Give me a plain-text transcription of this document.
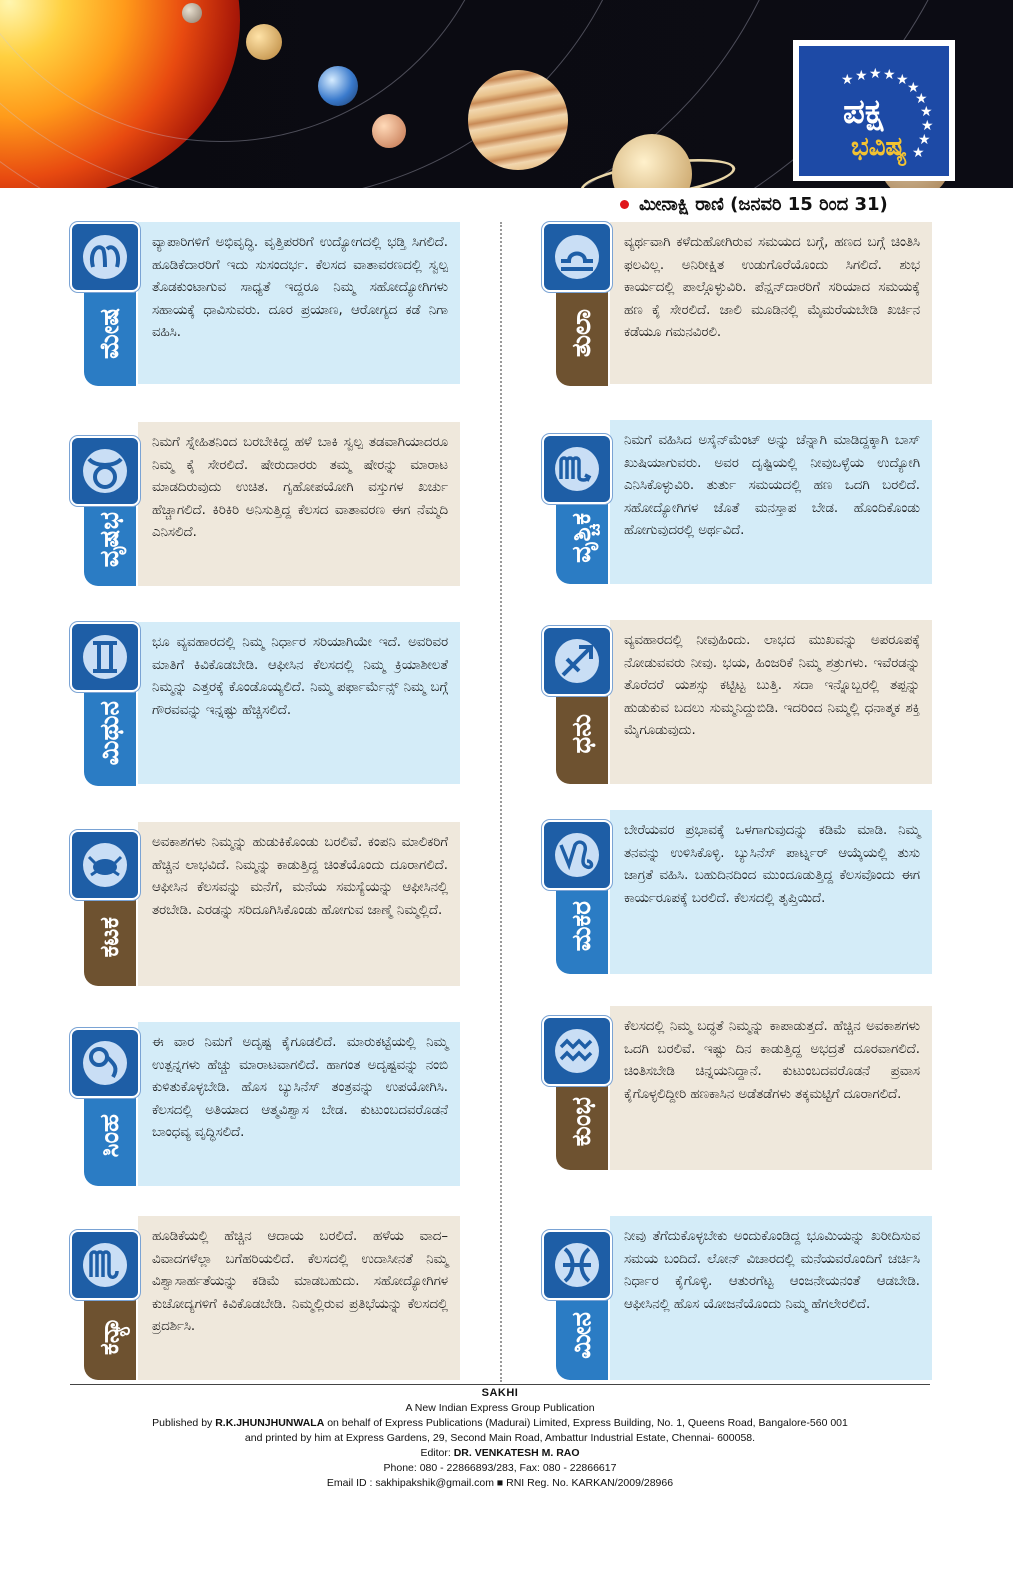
★ ★ ★ ★ ★
★
★
★
★
★
★
ಪಕ್ಷ
ಭವಿಷ್ಯ
ಮೀನಾಕ್ಷಿ ರಾಣಿ (ಜನವರಿ 15 ರಿಂದ 31)
ಮೇಷ
ವ್ಯಾಪಾರಿಗಳಿಗೆ ಅಭಿವೃದ್ಧಿ. ವೃತ್ತಿಪರರಿಗೆ ಉದ್ಯೋಗದಲ್ಲಿ ಭಡ್ತಿ ಸಿಗಲಿದೆ. ಹೂಡಿಕೆದಾರರಿಗೆ ಇದು ಸುಸಂದರ್ಭ. ಕೆಲಸದ ವಾತಾವರಣದಲ್ಲಿ ಸ್ವಲ್ಪ ತೊಡಕುಂಟಾಗುವ ಸಾಧ್ಯತೆ ಇದ್ದರೂ ನಿಮ್ಮ ಸಹೋದ್ಯೋಗಿಗಳು ಸಹಾಯಕ್ಕೆ ಧಾವಿಸುವರು. ದೂರ ಪ್ರಯಾಣ, ಆರೋಗ್ಯದ ಕಡೆ ನಿಗಾ ವಹಿಸಿ.
ವೃಷಭ
ನಿಮಗೆ ಸ್ನೇಹಿತನಿಂದ ಬರಬೇಕಿದ್ದ ಹಳೆ ಬಾಕಿ ಸ್ವಲ್ಪ ತಡವಾಗಿಯಾದರೂ ನಿಮ್ಮ ಕೈ ಸೇರಲಿದೆ. ಷೇರುದಾರರು ತಮ್ಮ ಷೇರನ್ನು ಮಾರಾಟ ಮಾಡದಿರುವುದು ಉಚಿತ. ಗೃಹೋಪಯೋಗಿ ವಸ್ತುಗಳ ಖರ್ಚು ಹೆಚ್ಚಾಗಲಿದೆ. ಕಿರಿಕಿರಿ ಅನಿಸುತ್ತಿದ್ದ ಕೆಲಸದ ವಾತಾವರಣ ಈಗ ನೆಮ್ಮದಿ ಎನಿಸಲಿದೆ.
ಮಿಥುನ
ಭೂ ವ್ಯವಹಾರದಲ್ಲಿ ನಿಮ್ಮ ನಿರ್ಧಾರ ಸರಿಯಾಗಿಯೇ ಇದೆ. ಅವರಿವರ ಮಾತಿಗೆ ಕಿವಿಕೊಡಬೇಡಿ. ಆಫೀಸಿನ ಕೆಲಸದಲ್ಲಿ ನಿಮ್ಮ ಕ್ರಿಯಾಶೀಲತೆ ನಿಮ್ಮನ್ನು ಎತ್ತರಕ್ಕೆ ಕೊಂಡೊಯ್ಯಲಿದೆ. ನಿಮ್ಮ ಪರ್ಫಾರ್ಮೆನ್ಸ್ ನಿಮ್ಮ ಬಗ್ಗೆ ಗೌರವವನ್ನು ಇನ್ನಷ್ಟು ಹೆಚ್ಚಿಸಲಿದೆ.
ಕಟಕ
ಅವಕಾಶಗಳು ನಿಮ್ಮನ್ನು ಹುಡುಕಿಕೊಂಡು ಬರಲಿವೆ. ಕಂಪನಿ ಮಾಲಿಕರಿಗೆ ಹೆಚ್ಚಿನ ಲಾಭವಿದೆ. ನಿಮ್ಮನ್ನು ಕಾಡುತ್ತಿದ್ದ ಚಿಂತೆಯೊಂದು ದೂರಾಗಲಿದೆ. ಆಫೀಸಿನ ಕೆಲಸವನ್ನು ಮನೆಗೆ, ಮನೆಯ ಸಮಸ್ಯೆಯನ್ನು ಆಫೀಸಿನಲ್ಲಿ ತರಬೇಡಿ. ಎರಡನ್ನು ಸರಿದೂಗಿಸಿಕೊಂಡು ಹೋಗುವ ಜಾಣ್ಮೆ ನಿಮ್ಮಲ್ಲಿದೆ.
ಸಿಂಹ
ಈ ವಾರ ನಿಮಗೆ ಅದೃಷ್ಟ ಕೈಗೂಡಲಿದೆ. ಮಾರುಕಟ್ಟೆಯಲ್ಲಿ ನಿಮ್ಮ ಉತ್ಪನ್ನಗಳು ಹೆಚ್ಚು ಮಾರಾಟವಾಗಲಿದೆ. ಹಾಗಂತ ಅದೃಷ್ಟವನ್ನು ನಂಬಿ ಕುಳಿತುಕೊಳ್ಳಬೇಡಿ. ಹೊಸ ಬ್ಯುಸಿನೆಸ್ ತಂತ್ರವನ್ನು ಉಪಯೋಗಿಸಿ. ಕೆಲಸದಲ್ಲಿ ಅತಿಯಾದ ಆತ್ಮವಿಶ್ವಾಸ ಬೇಡ. ಕುಟುಂಬದವರೊಡನೆ ಬಾಂಧವ್ಯ ವೃದ್ಧಿಸಲಿದೆ.
ಕನ್ಯಾ
ಹೂಡಿಕೆಯಲ್ಲಿ ಹೆಚ್ಚಿನ ಆದಾಯ ಬರಲಿದೆ. ಹಳೆಯ ವಾದ–ವಿವಾದಗಳೆಲ್ಲಾ ಬಗೆಹರಿಯಲಿದೆ. ಕೆಲಸದಲ್ಲಿ ಉದಾಸೀನತೆ ನಿಮ್ಮ ವಿಶ್ವಾಸಾರ್ಹತೆಯನ್ನು ಕಡಿಮೆ ಮಾಡಬಹುದು. ಸಹೋದ್ಯೋಗಿಗಳ ಕುಚೋದ್ಯಗಳಿಗೆ ಕಿವಿಕೊಡಬೇಡಿ. ನಿಮ್ಮಲ್ಲಿರುವ ಪ್ರತಿಭೆಯನ್ನು ಕೆಲಸದಲ್ಲಿ ಪ್ರದರ್ಶಿಸಿ.
ತುಲಾ
ವ್ಯರ್ಥವಾಗಿ ಕಳೆದುಹೋಗಿರುವ ಸಮಯದ ಬಗ್ಗೆ, ಹಣದ ಬಗ್ಗೆ ಚಿಂತಿಸಿ ಫಲವಿಲ್ಲ. ಅನಿರೀಕ್ಷಿತ ಉಡುಗೊರೆಯೊಂದು ಸಿಗಲಿದೆ. ಶುಭ ಕಾರ್ಯದಲ್ಲಿ ಪಾಲ್ಗೊಳ್ಳುವಿರಿ. ಪೆನ್ಷನ್‌ದಾರರಿಗೆ ಸರಿಯಾದ ಸಮಯಕ್ಕೆ ಹಣ ಕೈ ಸೇರಲಿದೆ. ಜಾಲಿ ಮೂಡಿನಲ್ಲಿ ಮೈಮರೆಯಬೇಡಿ ಖರ್ಚಿನ ಕಡೆಯೂ ಗಮನವಿರಲಿ.
ವೃಶ್ಚಿಕ
ನಿಮಗೆ ವಹಿಸಿದ ಅಸೈನ್‌ಮೆಂಟ್ ಅನ್ನು ಚೆನ್ನಾಗಿ ಮಾಡಿದ್ದಕ್ಕಾಗಿ ಬಾಸ್ ಖುಷಿಯಾಗುವರು. ಅವರ ದೃಷ್ಟಿಯಲ್ಲಿ ನೀವುಒಳ್ಳೆಯ ಉದ್ಯೋಗಿ ಎನಿಸಿಕೊಳ್ಳುವಿರಿ. ತುರ್ತು ಸಮಯದಲ್ಲಿ ಹಣ ಒದಗಿ ಬರಲಿದೆ. ಸಹೋದ್ಯೋಗಿಗಳ ಜೊತೆ ಮನಸ್ತಾಪ ಬೇಡ. ಹೊಂದಿಕೊಂಡು ಹೋಗುವುದರಲ್ಲಿ ಅರ್ಥವಿದೆ.
ಧನು
ವ್ಯವಹಾರದಲ್ಲಿ ನೀವುಹಿಂದು. ಲಾಭದ ಮುಖವನ್ನು ಅಪರೂಪಕ್ಕೆ ನೋಡುವವರು ನೀವು. ಭಯ, ಹಿಂಜರಿಕೆ ನಿಮ್ಮ ಶತ್ರುಗಳು. ಇವೆರಡನ್ನು ತೊರೆದರೆ ಯಶಸ್ಸು ಕಟ್ಟಿಟ್ಟ ಬುತ್ತಿ. ಸದಾ ಇನ್ನೊಬ್ಬರಲ್ಲಿ ತಪ್ಪನ್ನು ಹುಡುಕುವ ಬದಲು ಸುಮ್ಮನಿದ್ದುಬಿಡಿ. ಇದರಿಂದ ನಿಮ್ಮಲ್ಲಿ ಧನಾತ್ಮಕ ಶಕ್ತಿ ಮೈಗೂಡುವುದು.
ಮಕರ
ಬೇರೆಯವರ ಪ್ರಭಾವಕ್ಕೆ ಒಳಗಾಗುವುದನ್ನು ಕಡಿಮೆ ಮಾಡಿ. ನಿಮ್ಮ ತನವನ್ನು ಉಳಿಸಿಕೊಳ್ಳಿ. ಬ್ಯುಸಿನೆಸ್ ಪಾರ್ಟ್ನರ್ ಆಯ್ಕೆಯಲ್ಲಿ ತುಸು ಜಾಗ್ರತೆ ವಹಿಸಿ. ಬಹುದಿನದಿಂದ ಮುಂದೂಡುತ್ತಿದ್ದ ಕೆಲಸವೊಂದು ಈಗ ಕಾರ್ಯರೂಪಕ್ಕೆ ಬರಲಿದೆ. ಕೆಲಸದಲ್ಲಿ ತೃಪ್ತಿಯಿದೆ.
ಕುಂಭ
ಕೆಲಸದಲ್ಲಿ ನಿಮ್ಮ ಬದ್ಧತೆ ನಿಮ್ಮನ್ನು ಕಾಪಾಡುತ್ತದೆ. ಹೆಚ್ಚಿನ ಅವಕಾಶಗಳು ಒದಗಿ ಬರಲಿವೆ. ಇಷ್ಟು ದಿನ ಕಾಡುತ್ತಿದ್ದ ಅಭದ್ರತೆ ದೂರವಾಗಲಿದೆ. ಚಿಂತಿಸಬೇಡಿ ಚಿನ್ನಯನಿದ್ದಾನೆ. ಕುಟುಂಬದವರೊಡನೆ ಪ್ರವಾಸ ಕೈಗೊಳ್ಳಲಿದ್ದೀರಿ ಹಣಕಾಸಿನ ಅಡೆತಡೆಗಳು ತಕ್ಕಮಟ್ಟಿಗೆ ದೂರಾಗಲಿದೆ.
ಮೀನ
ನೀವು ತೆಗೆದುಕೊಳ್ಳಬೇಕು ಅಂದುಕೊಂಡಿದ್ದ ಭೂಮಿಯನ್ನು ಖರೀದಿಸುವ ಸಮಯ ಬಂದಿದೆ. ಲೋನ್ ವಿಚಾರದಲ್ಲಿ ಮನೆಯವರೊಂದಿಗೆ ಚರ್ಚಿಸಿ ನಿರ್ಧಾರ ಕೈಗೊಳ್ಳಿ. ಆತುರಗೆಟ್ಟ ಆಂಜನೇಯನಂತೆ ಆಡಬೇಡಿ. ಆಫೀಸಿನಲ್ಲಿ ಹೊಸ ಯೋಜನೆಯೊಂದು ನಿಮ್ಮ ಹೆಗಲೇರಲಿದೆ.
SAKHI
A New Indian Express Group Publication
Published by R.K.JHUNJHUNWALA on behalf of Express Publications (Madurai) Limited, Express Building, No. 1, Queens Road, Bangalore-560 001
and printed by him at Express Gardens, 29, Second Main Road, Ambattur Industrial Estate, Chennai- 600058.
Editor: DR. VENKATESH M. RAO
Phone: 080 - 22866893/283, Fax: 080 - 22866617
Email ID : sakhipakshik@gmail.com ■ RNI Reg. No. KARKAN/2009/28966
